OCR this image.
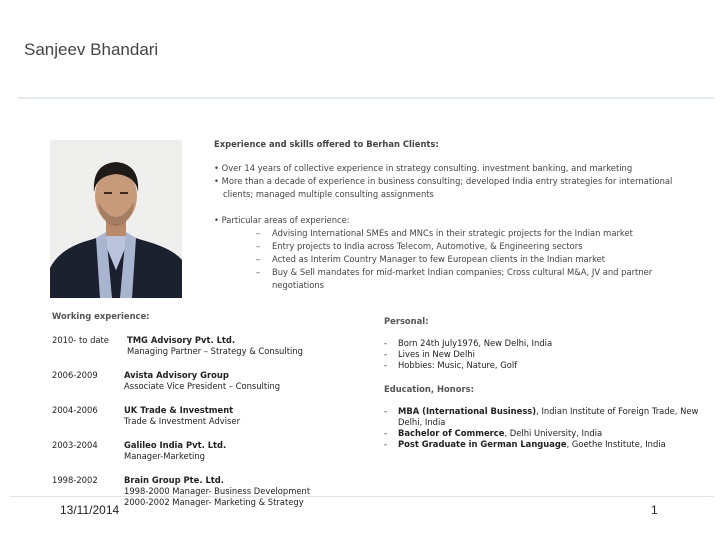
Sanjeev Bhandari
Experience and skills offered to Berhan Clients:
• Over 14 years of collective experience in strategy consulting. investment banking, and marketing
• More than a decade of experience in business consulting; developed India entry strategies for international clients; managed multiple consulting assignments
• Particular areas of experience:
– Advising International SMEs and MNCs in their strategic projects for the Indian market
– Entry projects to India across Telecom, Automotive, & Engineering sectors
– Acted as Interim Country Manager to few European clients in the Indian market
– Buy & Sell mandates for mid-market Indian companies; Cross cultural M&A, JV and partner negotiations
Working experience:
2010- to date TMG Advisory Pvt. Ltd.
Managing Partner – Strategy & Consulting
2006-2009	Avista Advisory Group
Associate Vice President – Consulting
2004-2006	UK Trade & Investment
Trade & Investment Adviser
2003-2004	Galileo India Pvt. Ltd.
Manager-Marketing
1998-2002	Brain Group Pte. Ltd.
1998-2000 Manager- Business Development
2000-2002 Manager- Marketing & Strategy
Personal:
- Born 24th July1976, New Delhi, India
- Lives in New Delhi
- Hobbies: Music, Nature, Golf
Education, Honors:
- MBA (International Business), Indian Institute of Foreign Trade, New Delhi, India
- Bachelor of Commerce, Delhi University, India
- Post Graduate in German Language, Goethe Institute, India
13/11/2014	1
